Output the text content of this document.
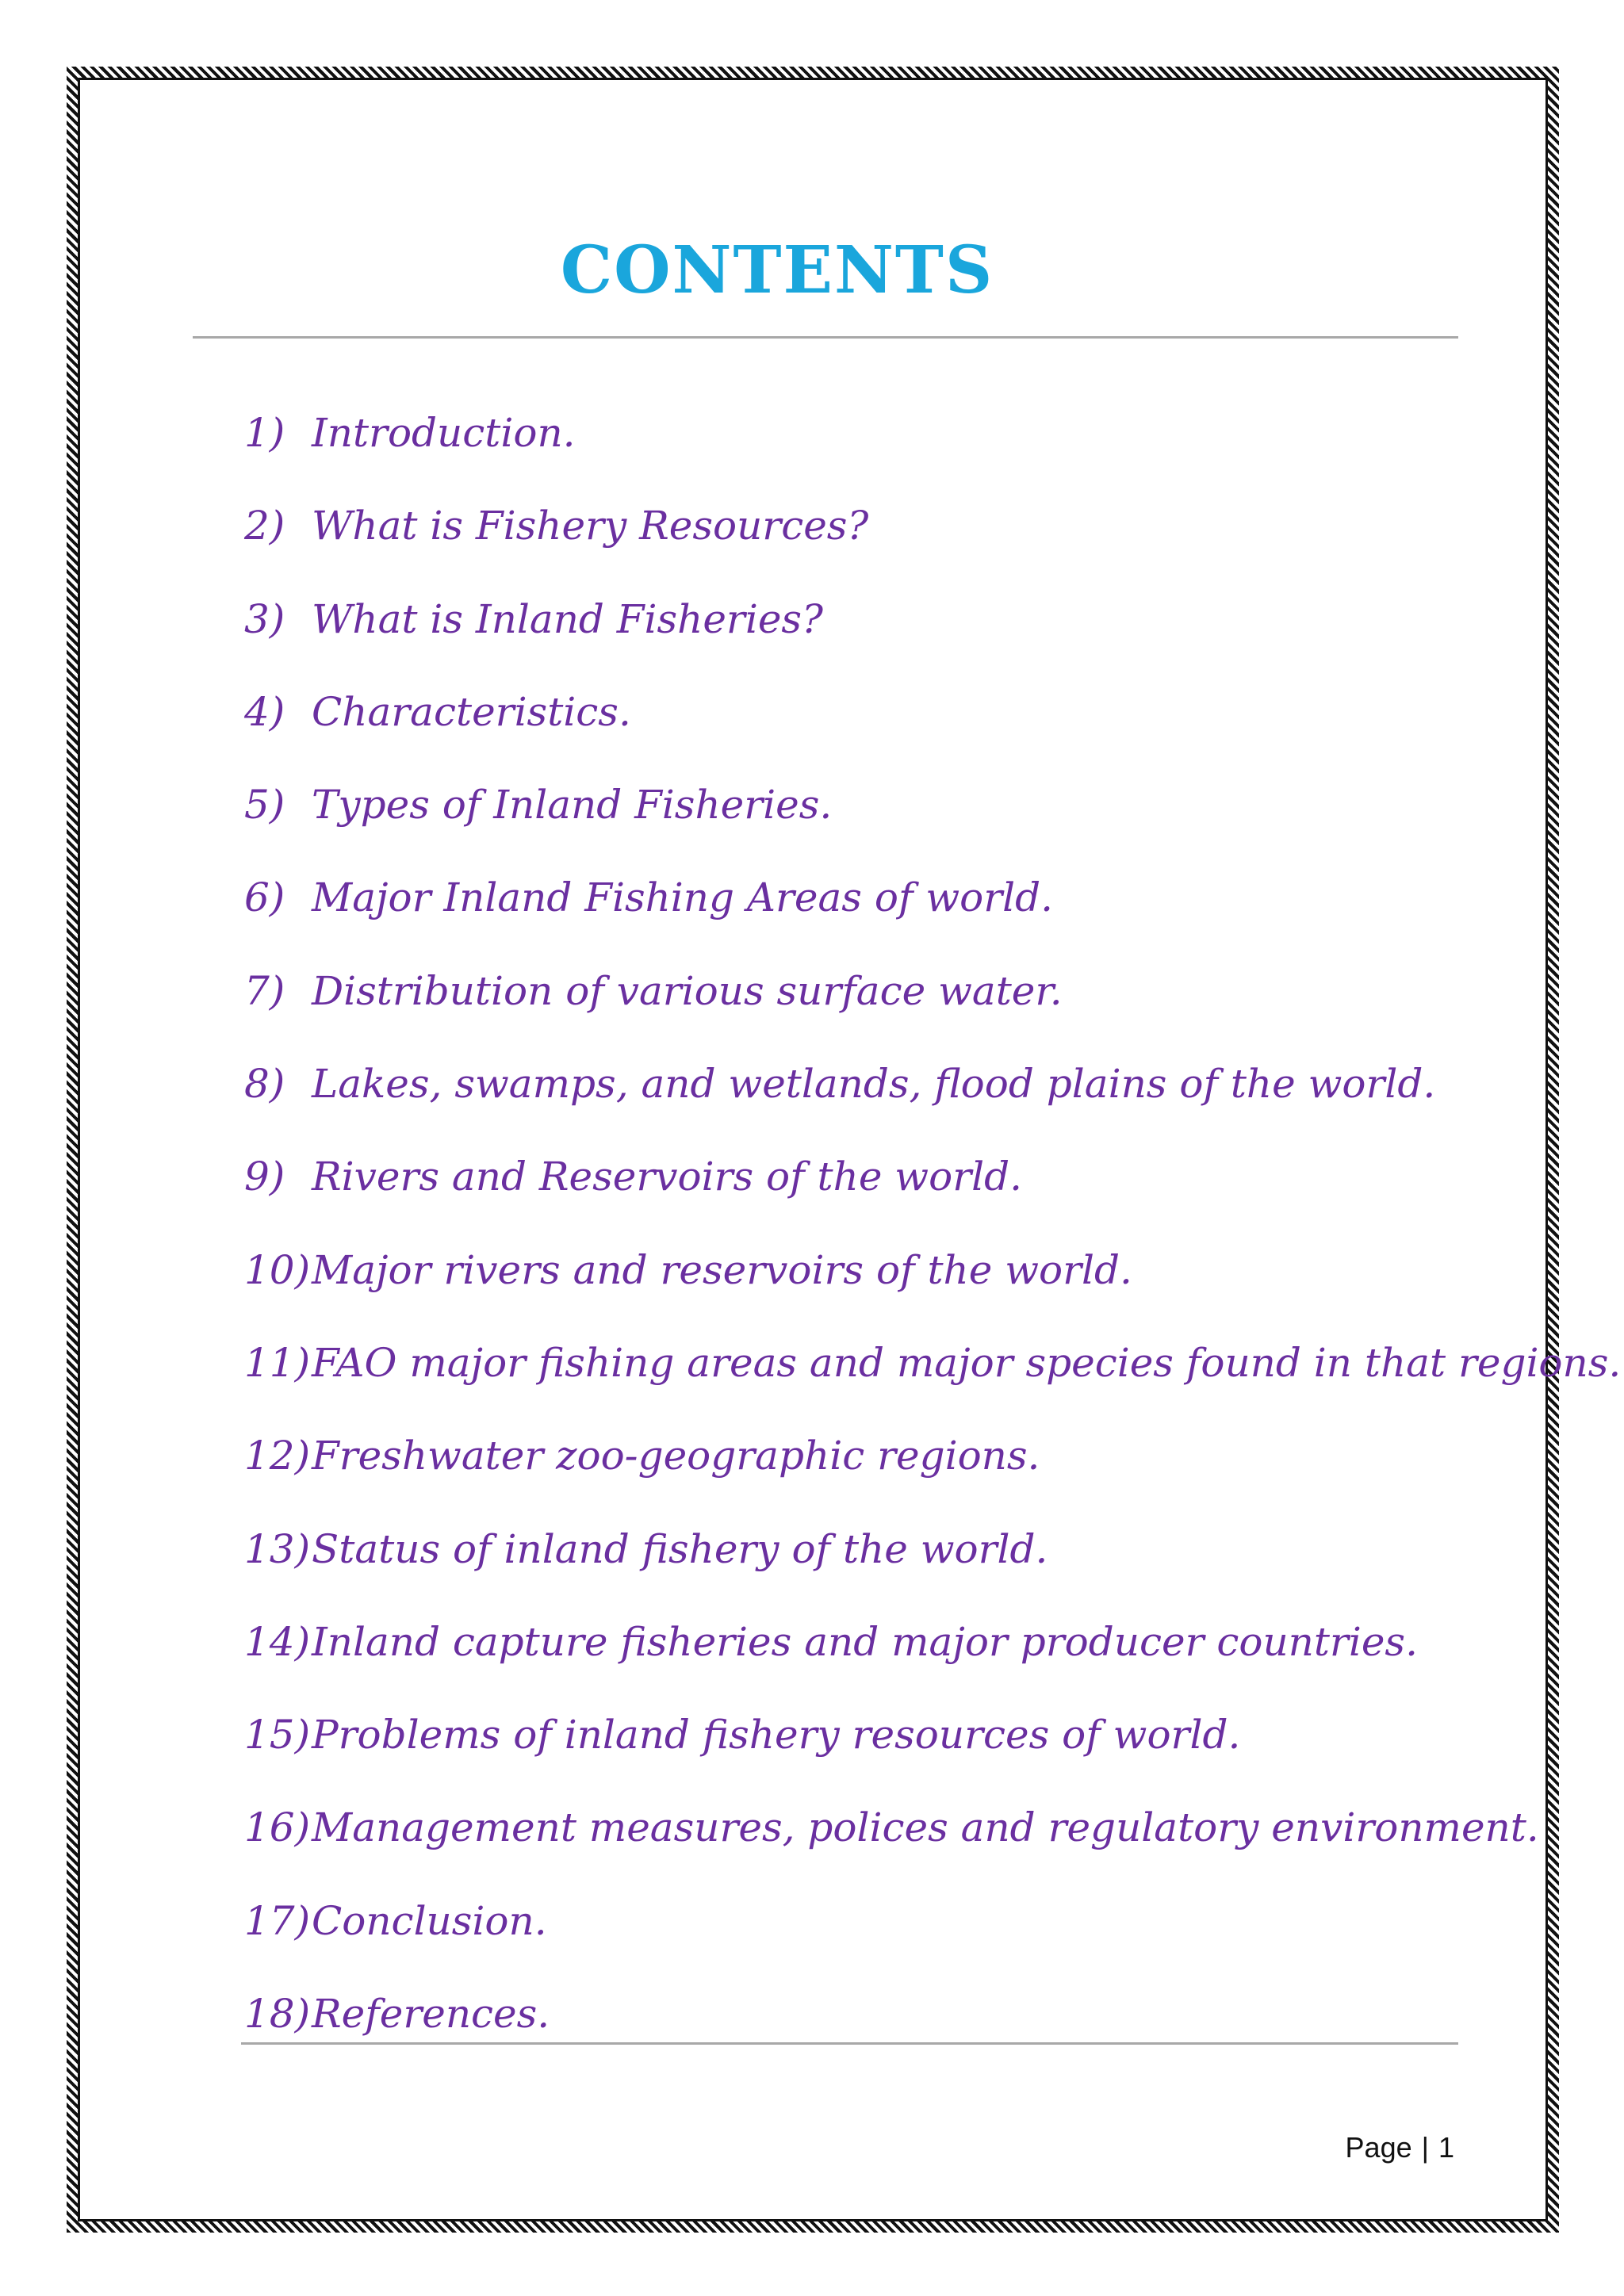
CONTENTS
1) Introduction.
2) What is Fishery Resources?
3) What is Inland Fisheries?
4) Characteristics.
5) Types of Inland Fisheries.
6) Major Inland Fishing Areas of world.
7) Distribution of various surface water.
8) Lakes, swamps, and wetlands, flood plains of the world.
9) Rivers and Reservoirs of the world.
10)Major rivers and reservoirs of the world.
11)FAO major fishing areas and major species found in that regions.
12)Freshwater zoo-geographic regions.
13)Status of inland fishery of the world.
14)Inland capture fisheries and major producer countries.
15)Problems of inland fishery resources of world.
16)Management measures, polices and regulatory environment.
17)Conclusion.
18)References.
Page | 1
